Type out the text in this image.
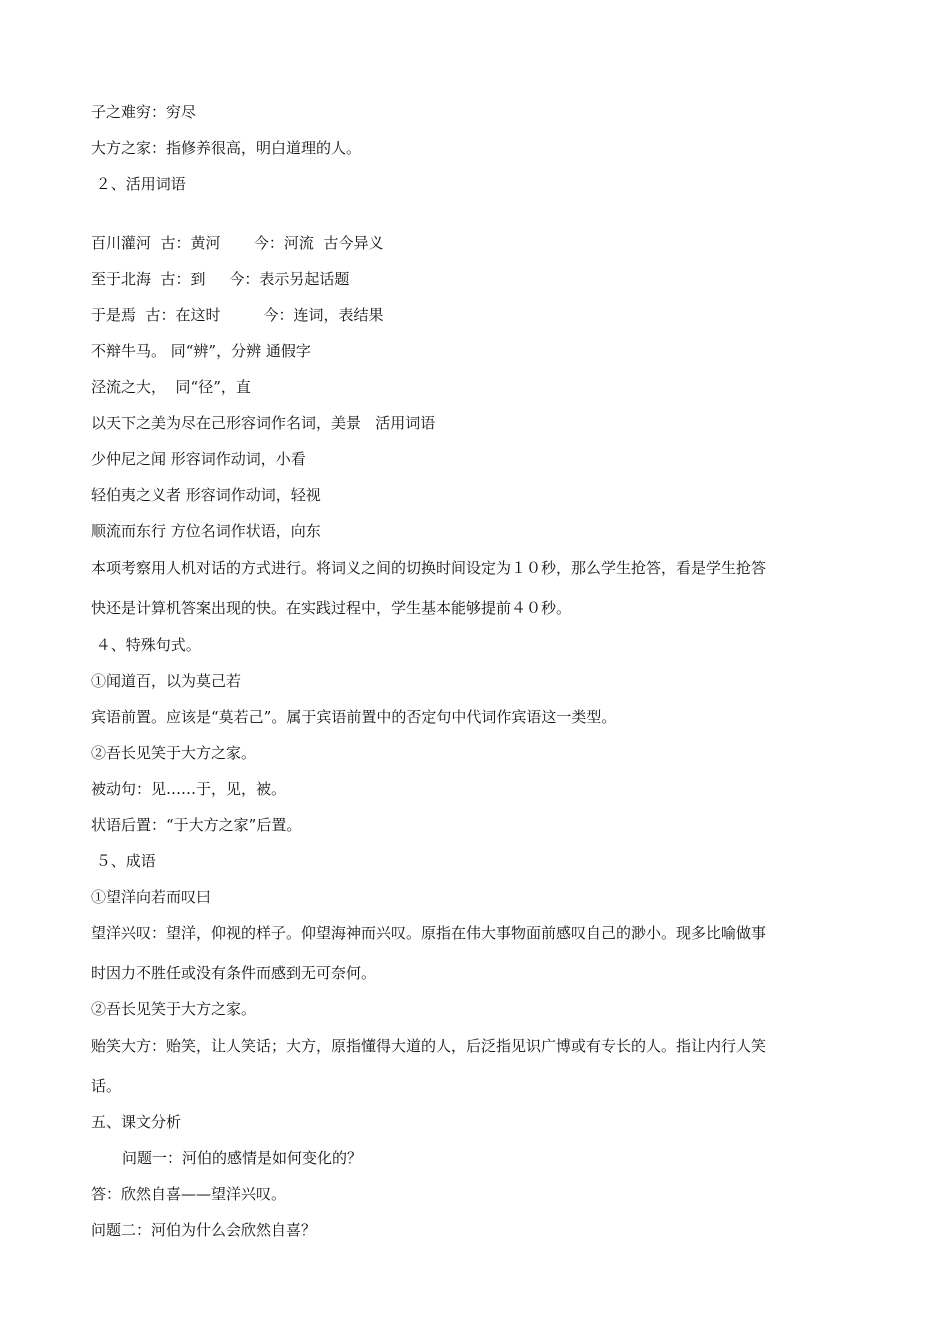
子之难穷：穷尽
大方之家：指修养很高，明白道理的人。
２、活用词语
百川灌河  古：黄河       今：河流  古今异义
至于北海  古：到     今：表示另起话题
于是焉  古：在这时         今：连词，表结果
不辩牛马。 同“辨”，分辨 通假字
泾流之大，  同“径”，直
以天下之美为尽在己形容词作名词，美景   活用词语
少仲尼之闻 形容词作动词，小看
轻伯夷之义者 形容词作动词，轻视
顺流而东行 方位名词作状语，向东
本项考察用人机对话的方式进行。将词义之间的切换时间设定为１０秒，那么学生抢答，看是学生抢答
快还是计算机答案出现的快。在实践过程中，学生基本能够提前４０秒。
４、特殊句式。
①闻道百，以为莫己若
宾语前置。应该是“莫若己”。属于宾语前置中的否定句中代词作宾语这一类型。
②吾长见笑于大方之家。
被动句：见……于，见，被。
状语后置：“于大方之家”后置。
５、成语
①望洋向若而叹曰
望洋兴叹：望洋，仰视的样子。仰望海神而兴叹。原指在伟大事物面前感叹自己的渺小。现多比喻做事
时因力不胜任或没有条件而感到无可奈何。
②吾长见笑于大方之家。
贻笑大方：贻笑，让人笑话；大方，原指懂得大道的人，后泛指见识广博或有专长的人。指让内行人笑
话。
五、课文分析
问题一：河伯的感情是如何变化的？
答：欣然自喜——望洋兴叹。
问题二：河伯为什么会欣然自喜？
